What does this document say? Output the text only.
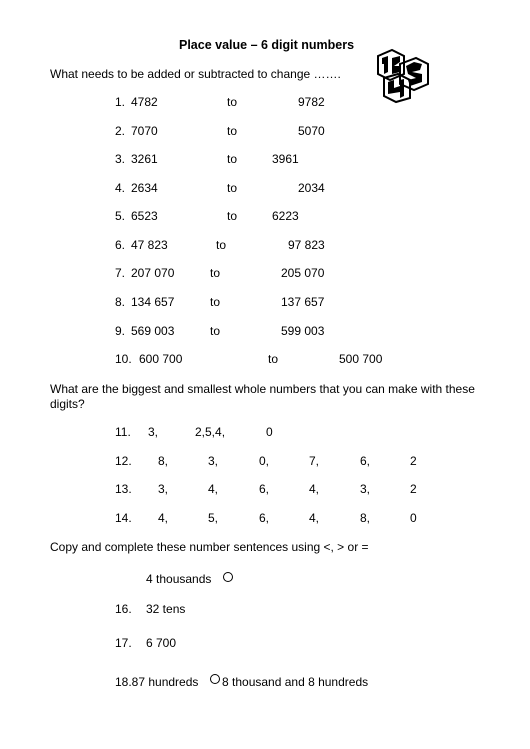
Place value – 6 digit numbers
What needs to be added or subtracted to change …….
1. 4782	to	9782
2. 7070	to	5070
3. 3261	to	3961
4. 2634	to	2034
5. 6523	to	6223
6. 47 823	to	97 823
7. 207 070	to	205 070
8. 134 657	to	137 657
9. 569 003	to	599 003
10. 600 700	to	500 700
What are the biggest and smallest whole numbers that you can make with these
digits?
11. 3,	2,5,4,	0
12. 8,	3,	0,	7,	6,	2
13. 3,	4,	6,	4,	3,	2
14. 4,	5,	6,	4,	8,	0
Copy and complete these number sentences using <, > or =
4 thousands
16. 32 tens
17. 6 700
18.87 hundreds 8 thousand and 8 hundreds
